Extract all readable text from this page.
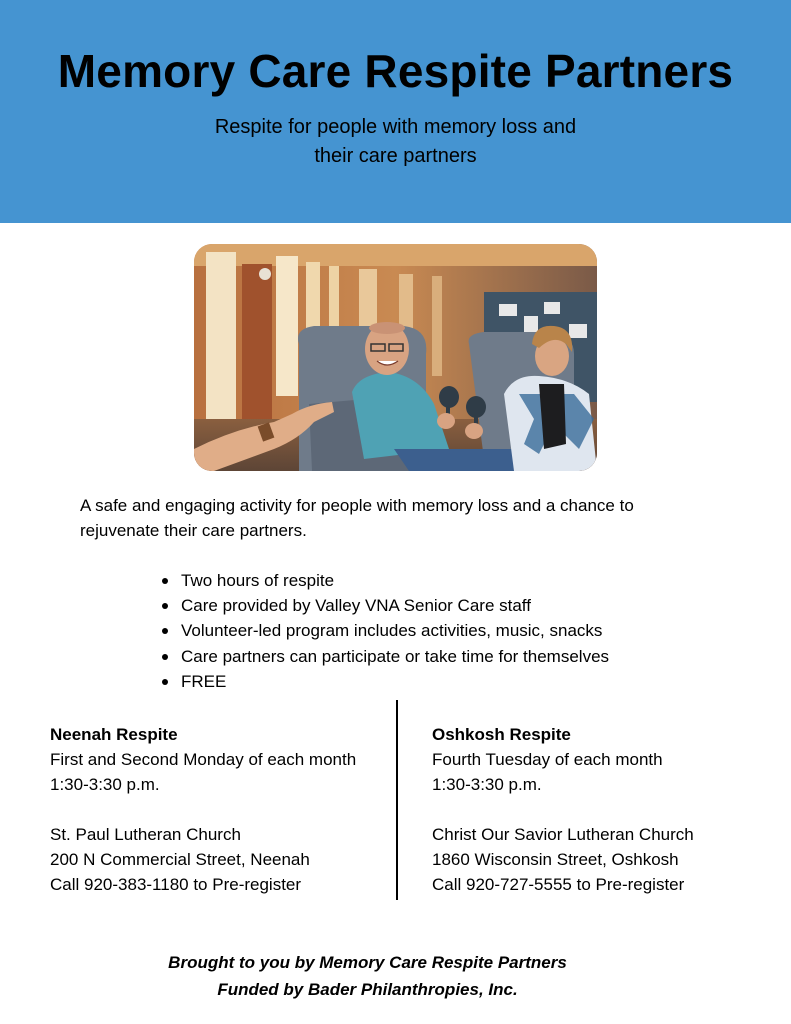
Memory Care Respite Partners
Respite for people with memory loss and
their care partners
A safe and engaging activity for people with memory loss and a chance to
rejuvenate their care partners.
Two hours of respite
Care provided by Valley VNA Senior Care staff
Volunteer-led program includes activities, music, snacks
Care partners can participate or take time for themselves
FREE
Neenah Respite
First and Second Monday of each month
1:30-3:30 p.m.
St. Paul Lutheran Church
200 N Commercial Street, Neenah
Call 920-383-1180 to Pre-register
Oshkosh Respite
Fourth Tuesday of each month
1:30-3:30 p.m.
Christ Our Savior Lutheran Church
1860 Wisconsin Street, Oshkosh
Call 920-727-5555 to Pre-register
Brought to you by Memory Care Respite Partners
Funded by Bader Philanthropies, Inc.
